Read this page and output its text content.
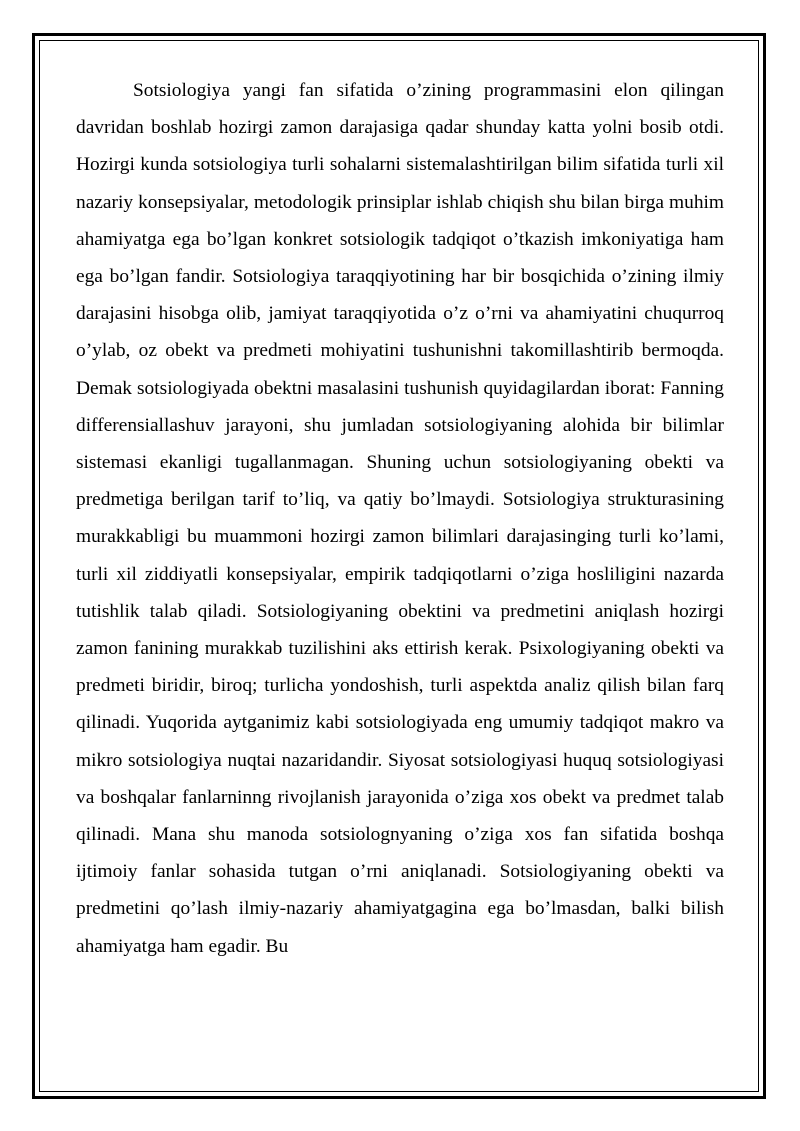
Sotsiologiya yangi fan sifatida o’zining programmasini elon qilingan davridan boshlab hozirgi zamon darajasiga qadar shunday katta yolni bosib otdi. Hozirgi kunda sotsiologiya turli sohalarni sistemalashtirilgan bilim sifatida turli xil nazariy konsepsiyalar, metodologik prinsiplar ishlab chiqish shu bilan birga muhim ahamiyatga ega bo’lgan konkret sotsiologik tadqiqot o’tkazish imkoniyatiga ham ega bo’lgan fandir. Sotsiologiya taraqqiyotining har bir bosqichida o’zining ilmiy darajasini hisobga olib, jamiyat taraqqiyotida o’z o’rni va ahamiyatini chuqurroq o’ylab, oz obekt va predmeti mohiyatini tushunishni takomillashtirib bermoqda. Demak sotsiologiyada obektni masalasini tushunish quyidagilardan iborat: Fanning differensiallashuv jarayoni, shu jumladan sotsiologiyaning alohida bir bilimlar sistemasi ekanligi tugallanmagan. Shuning uchun sotsiologiyaning obekti va predmetiga berilgan tarif to’liq, va qatiy bo’lmaydi. Sotsiologiya strukturasining murakkabligi bu muammoni hozirgi zamon bilimlari darajasinging turli ko’lami, turli xil ziddiyatli konsepsiyalar, empirik tadqiqotlarni o’ziga hosliligini nazarda tutishlik talab qiladi. Sotsiologiyaning obektini va predmetini aniqlash hozirgi zamon fanining murakkab tuzilishini aks ettirish kerak. Psixologiyaning obekti va predmeti biridir, biroq; turlicha yondoshish, turli aspektda analiz qilish bilan farq qilinadi. Yuqorida aytganimiz kabi sotsiologiyada eng umumiy tadqiqot makro va mikro sotsiologiya nuqtai nazaridandir. Siyosat sotsiologiyasi huquq sotsiologiyasi va boshqalar fanlarninng rivojlanish jarayonida o’ziga xos obekt va predmet talab qilinadi. Mana shu manoda sotsiolognyaning o’ziga xos fan sifatida boshqa ijtimoiy fanlar sohasida tutgan o’rni aniqlanadi. Sotsiologiyaning obekti va predmetini qo’lash ilmiy-nazariy ahamiyatgagina ega bo’lmasdan, balki bilish ahamiyatga ham egadir. Bu
